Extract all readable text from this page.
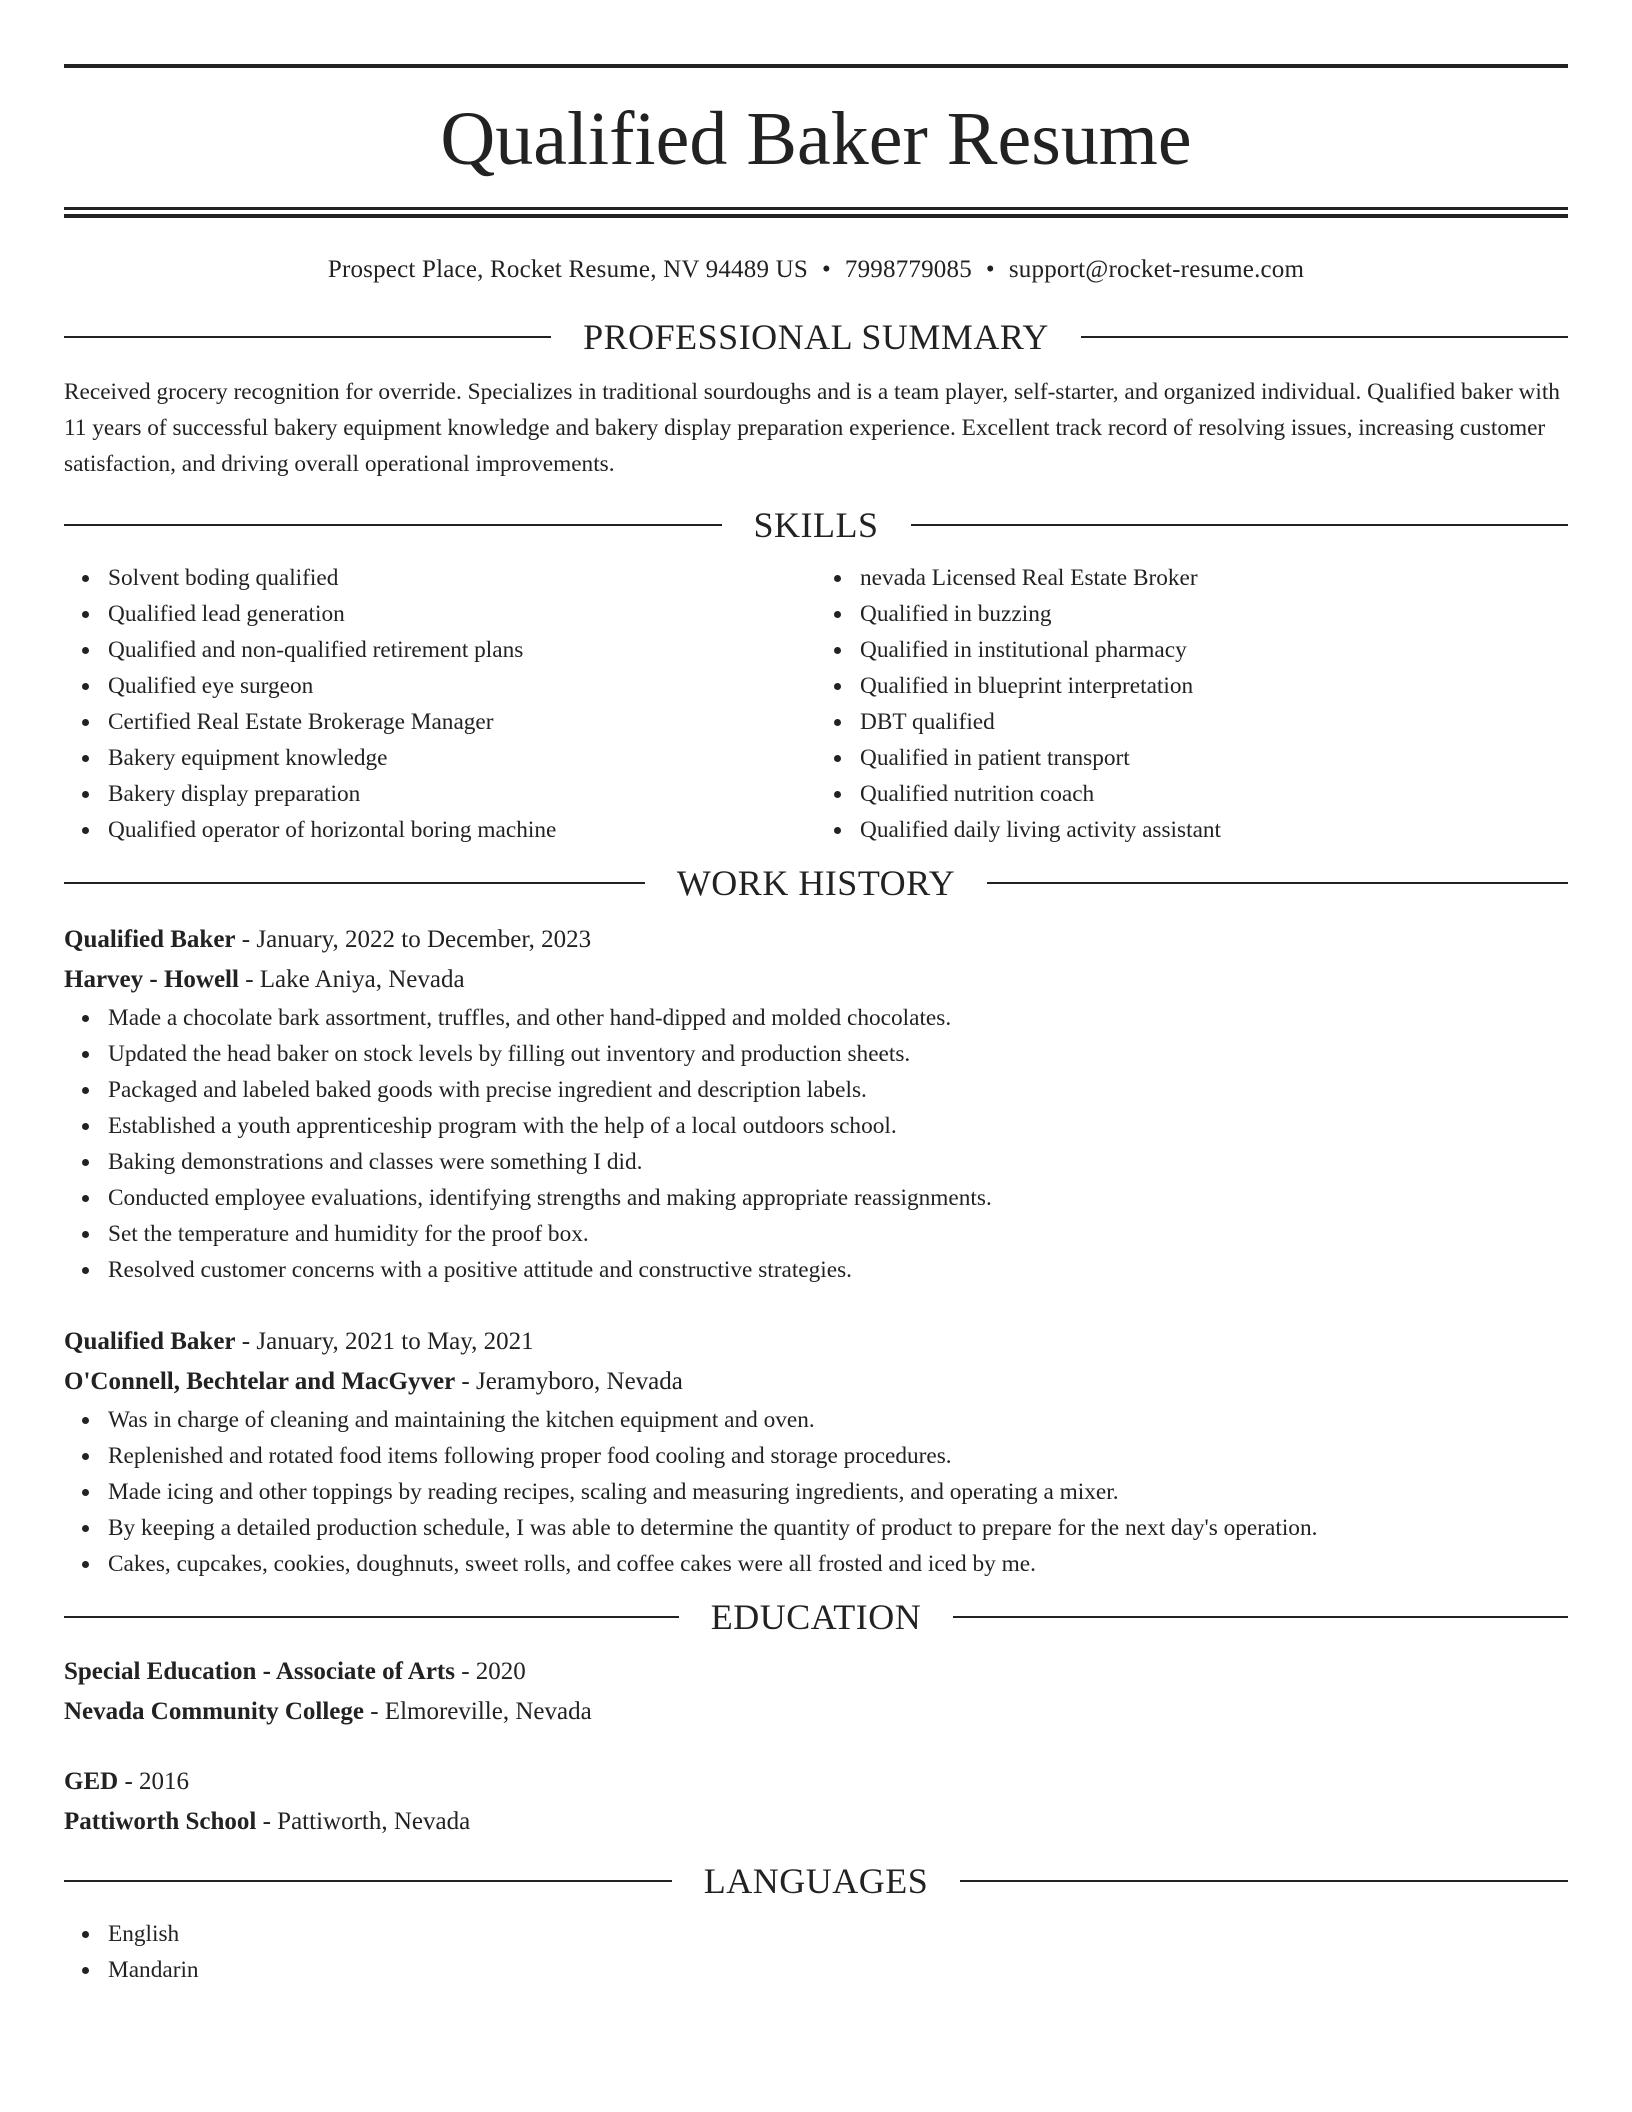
Qualified Baker Resume
Prospect Place, Rocket Resume, NV 94489 US • 7998779085 • support@rocket-resume.com
PROFESSIONAL SUMMARY
Received grocery recognition for override. Specializes in traditional sourdoughs and is a team player, self-starter, and organized individual. Qualified baker with 11 years of successful bakery equipment knowledge and bakery display preparation experience. Excellent track record of resolving issues, increasing customer satisfaction, and driving overall operational improvements.
SKILLS
Solvent boding qualified
Qualified lead generation
Qualified and non-qualified retirement plans
Qualified eye surgeon
Certified Real Estate Brokerage Manager
Bakery equipment knowledge
Bakery display preparation
Qualified operator of horizontal boring machine
nevada Licensed Real Estate Broker
Qualified in buzzing
Qualified in institutional pharmacy
Qualified in blueprint interpretation
DBT qualified
Qualified in patient transport
Qualified nutrition coach
Qualified daily living activity assistant
WORK HISTORY
Qualified Baker - January, 2022 to December, 2023
Harvey - Howell - Lake Aniya, Nevada
Made a chocolate bark assortment, truffles, and other hand-dipped and molded chocolates.
Updated the head baker on stock levels by filling out inventory and production sheets.
Packaged and labeled baked goods with precise ingredient and description labels.
Established a youth apprenticeship program with the help of a local outdoors school.
Baking demonstrations and classes were something I did.
Conducted employee evaluations, identifying strengths and making appropriate reassignments.
Set the temperature and humidity for the proof box.
Resolved customer concerns with a positive attitude and constructive strategies.
Qualified Baker - January, 2021 to May, 2021
O'Connell, Bechtelar and MacGyver - Jeramyboro, Nevada
Was in charge of cleaning and maintaining the kitchen equipment and oven.
Replenished and rotated food items following proper food cooling and storage procedures.
Made icing and other toppings by reading recipes, scaling and measuring ingredients, and operating a mixer.
By keeping a detailed production schedule, I was able to determine the quantity of product to prepare for the next day's operation.
Cakes, cupcakes, cookies, doughnuts, sweet rolls, and coffee cakes were all frosted and iced by me.
EDUCATION
Special Education - Associate of Arts - 2020
Nevada Community College - Elmoreville, Nevada
GED - 2016
Pattiworth School - Pattiworth, Nevada
LANGUAGES
English
Mandarin
